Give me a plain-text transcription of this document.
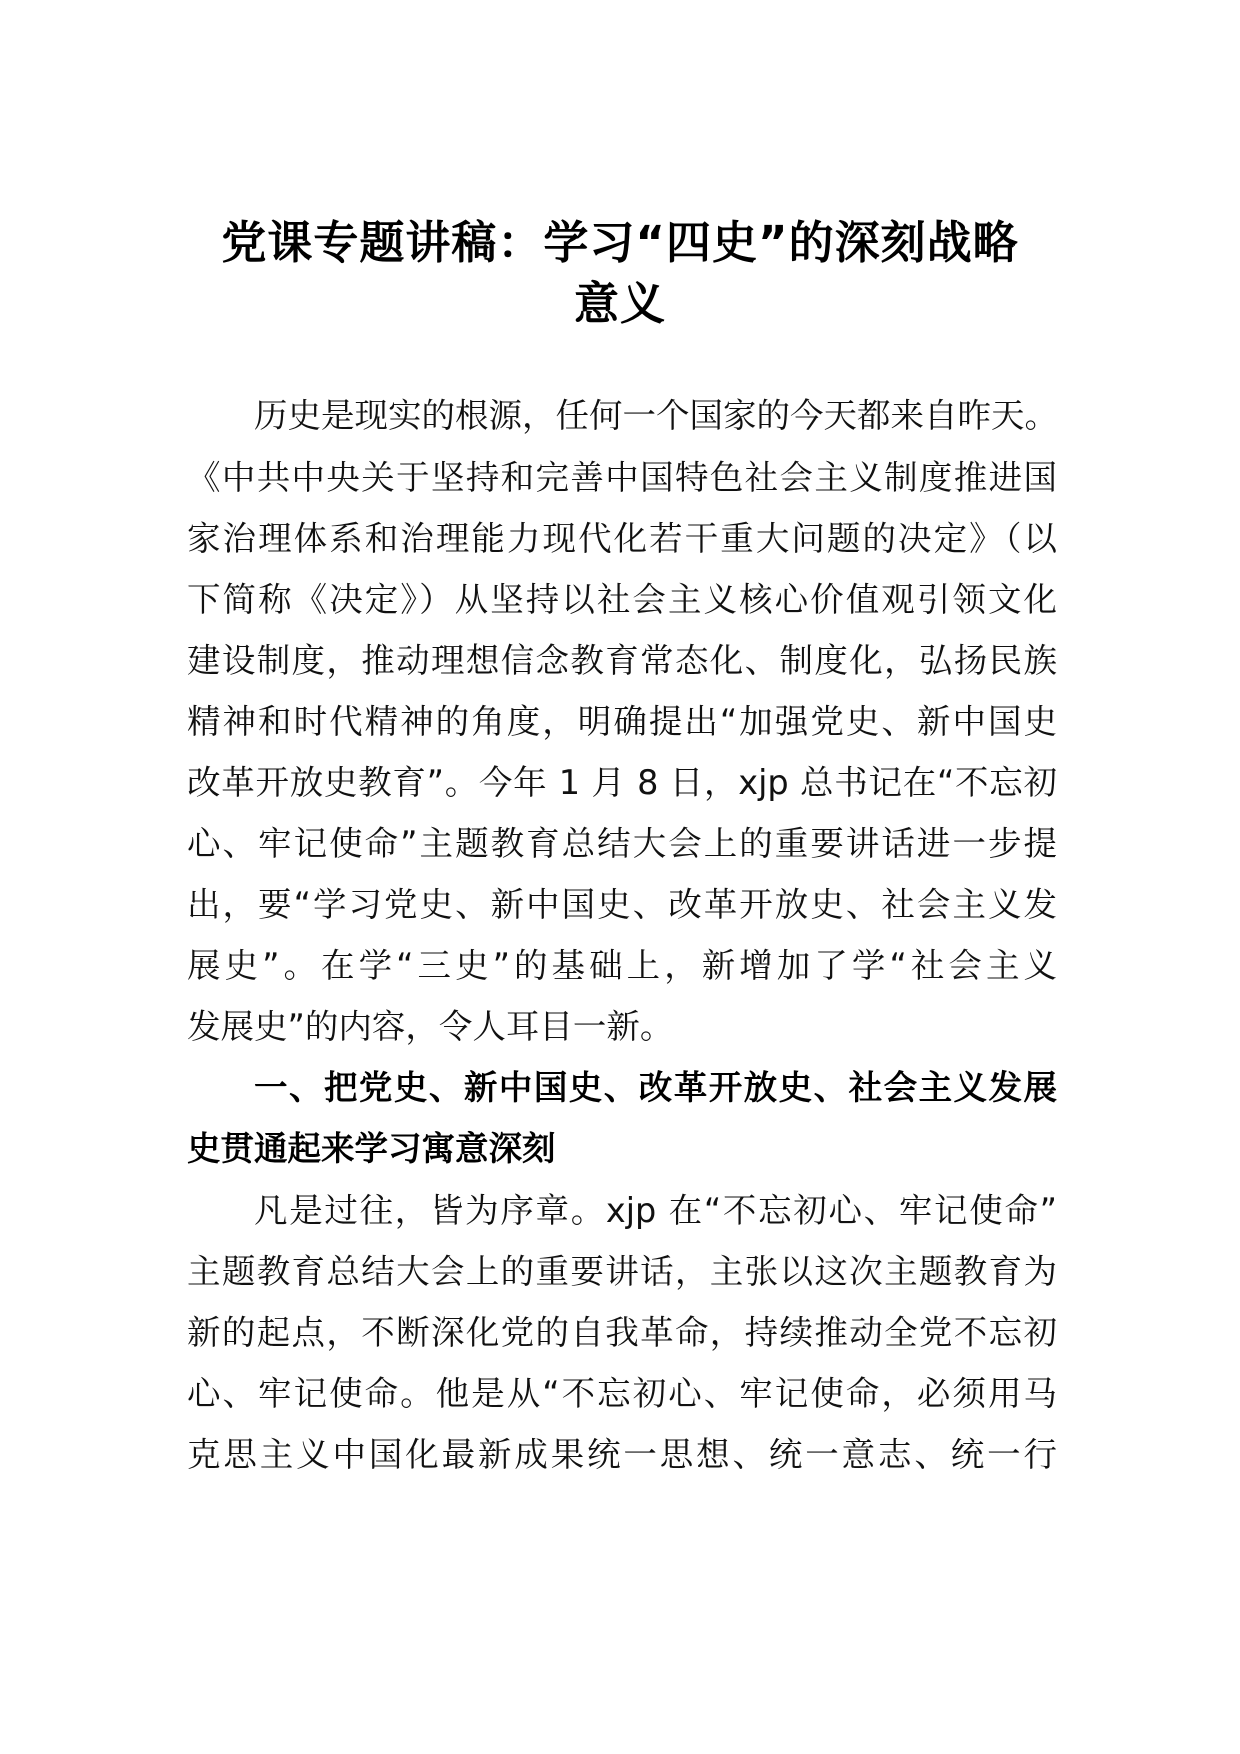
党课专题讲稿：学习“四史”的深刻战略
意义
历史是现实的根源，任何一个国家的今天都来自昨天。
《中共中央关于坚持和完善中国特色社会主义制度推进国
家治理体系和治理能力现代化若干重大问题的决定》（以
下简称《决定》）从坚持以社会主义核心价值观引领文化
建设制度，推动理想信念教育常态化、制度化，弘扬民族
精神和时代精神的角度，明确提出“加强党史、新中国史
改革开放史教育”。今年 1 月 8 日，xjp 总书记在“不忘初
心、牢记使命”主题教育总结大会上的重要讲话进一步提
出，要“学习党史、新中国史、改革开放史、社会主义发
展史”。在学“三史”的基础上，新增加了学“社会主义
发展史”的内容，令人耳目一新。
一、把党史、新中国史、改革开放史、社会主义发展
史贯通起来学习寓意深刻
凡是过往，皆为序章。xjp 在“不忘初心、牢记使命”
主题教育总结大会上的重要讲话，主张以这次主题教育为
新的起点，不断深化党的自我革命，持续推动全党不忘初
心、牢记使命。他是从“不忘初心、牢记使命，必须用马
克思主义中国化最新成果统一思想、统一意志、统一行
